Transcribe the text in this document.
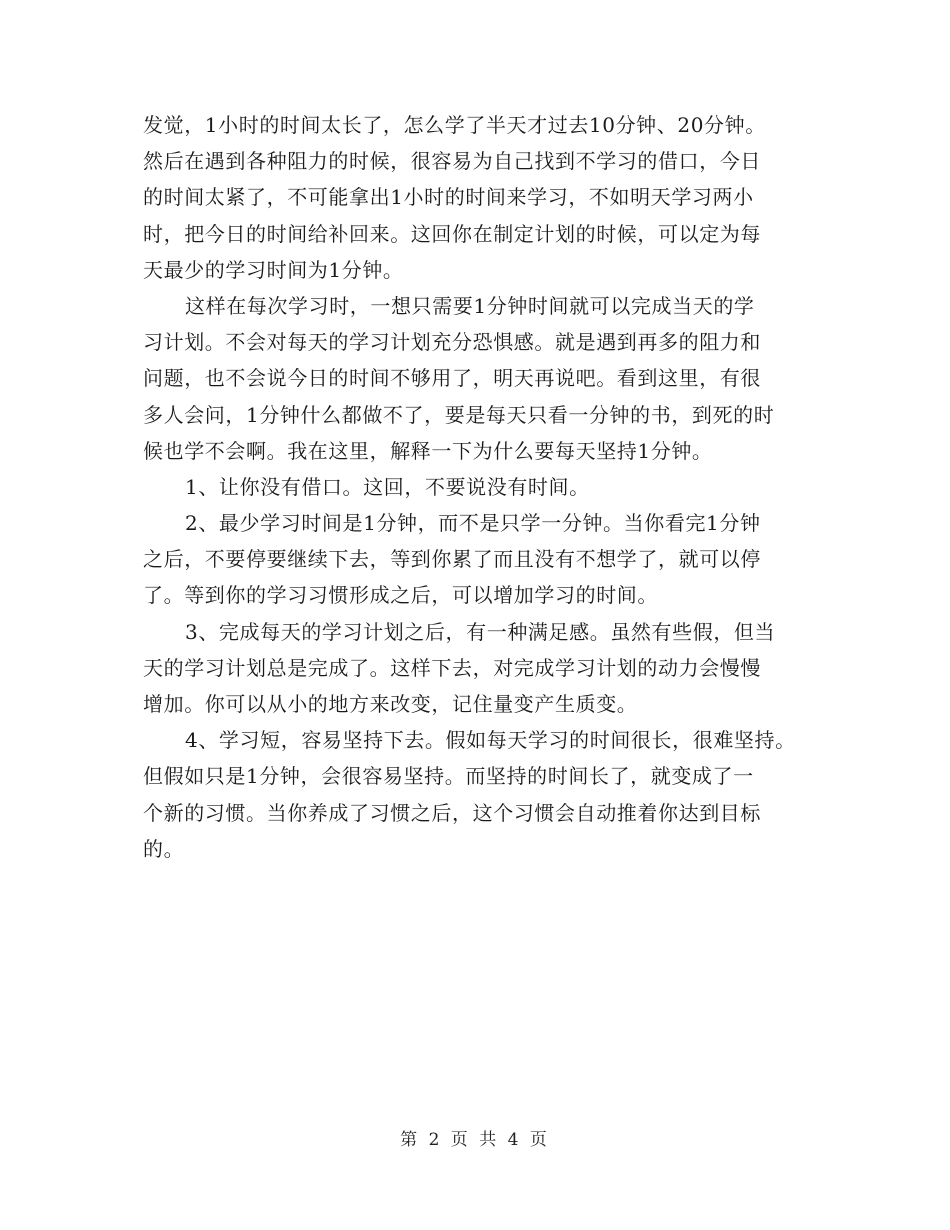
发觉，1小时的时间太长了，怎么学了半天才过去10分钟、20分钟。
然后在遇到各种阻力的时候，很容易为自己找到不学习的借口，今日
的时间太紧了，不可能拿出1小时的时间来学习，不如明天学习两小
时，把今日的时间给补回来。这回你在制定计划的时候，可以定为每
天最少的学习时间为1分钟。
这样在每次学习时，一想只需要1分钟时间就可以完成当天的学
习计划。不会对每天的学习计划充分恐惧感。就是遇到再多的阻力和
问题，也不会说今日的时间不够用了，明天再说吧。看到这里，有很
多人会问，1分钟什么都做不了，要是每天只看一分钟的书，到死的时
候也学不会啊。我在这里，解释一下为什么要每天坚持1分钟。
1、让你没有借口。这回，不要说没有时间。
2、最少学习时间是1分钟，而不是只学一分钟。当你看完1分钟
之后，不要停要继续下去，等到你累了而且没有不想学了，就可以停
了。等到你的学习习惯形成之后，可以增加学习的时间。
3、完成每天的学习计划之后，有一种满足感。虽然有些假，但当
天的学习计划总是完成了。这样下去，对完成学习计划的动力会慢慢
增加。你可以从小的地方来改变，记住量变产生质变。
4、学习短，容易坚持下去。假如每天学习的时间很长，很难坚持。
但假如只是1分钟，会很容易坚持。而坚持的时间长了，就变成了一
个新的习惯。当你养成了习惯之后，这个习惯会自动推着你达到目标
的。
第 2 页 共 4 页
